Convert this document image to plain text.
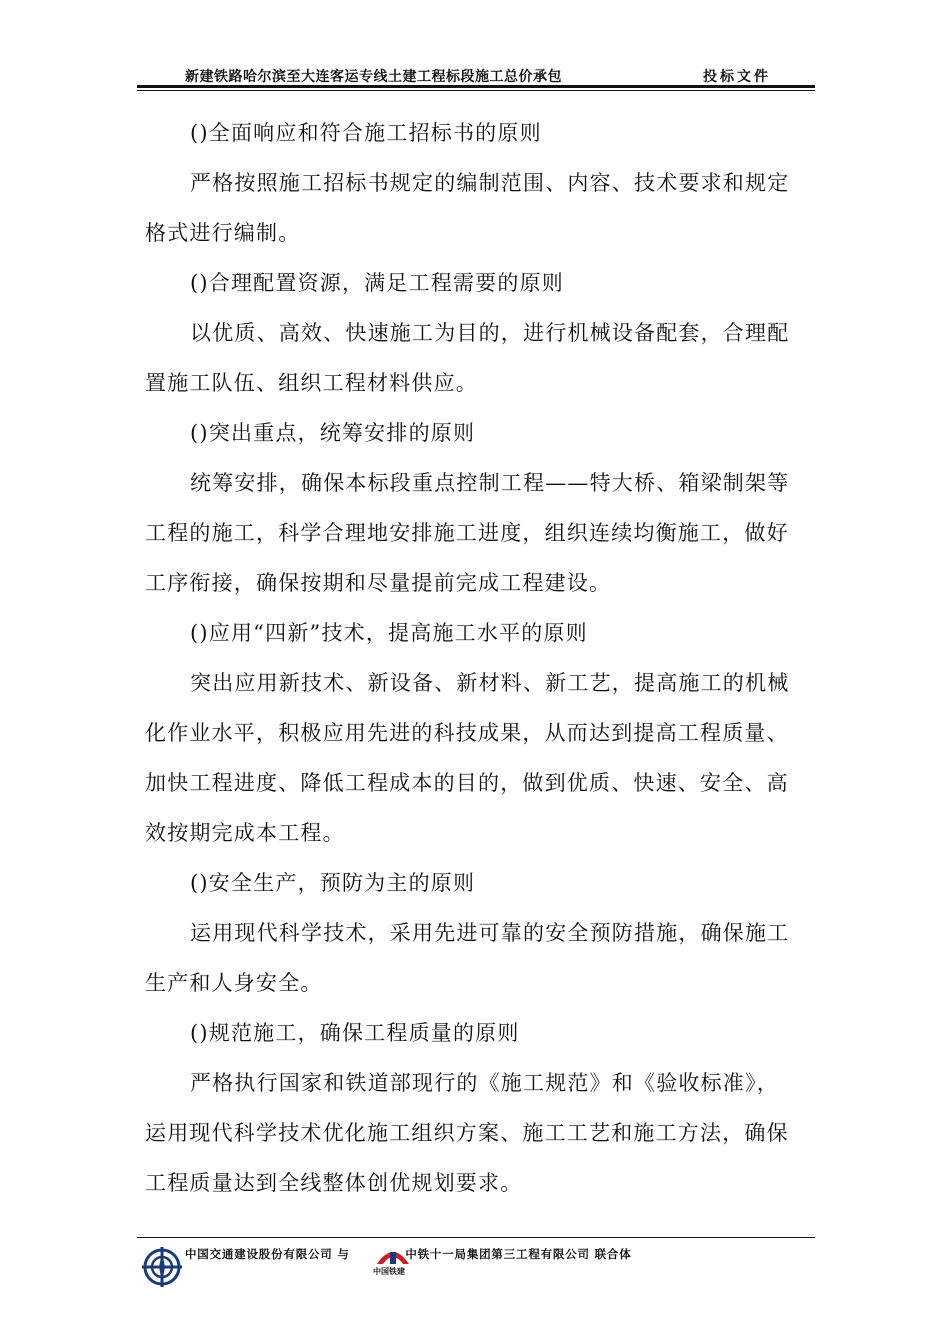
新建铁路哈尔滨至大连客运专线土建工程标段施工总价承包	投标文件
()全面响应和符合施工招标书的原则
严格按照施工招标书规定的编制范围、内容、技术要求和规定
格式进行编制。
()合理配置资源，满足工程需要的原则
以优质、高效、快速施工为目的，进行机械设备配套，合理配
置施工队伍、组织工程材料供应。
()突出重点，统筹安排的原则
统筹安排，确保本标段重点控制工程——特大桥、箱梁制架等
工程的施工，科学合理地安排施工进度，组织连续均衡施工，做好
工序衔接，确保按期和尽量提前完成工程建设。
()应用“四新”技术，提高施工水平的原则
突出应用新技术、新设备、新材料、新工艺，提高施工的机械
化作业水平，积极应用先进的科技成果，从而达到提高工程质量、
加快工程进度、降低工程成本的目的，做到优质、快速、安全、高
效按期完成本工程。
()安全生产，预防为主的原则
运用现代科学技术，采用先进可靠的安全预防措施，确保施工
生产和人身安全。
()规范施工，确保工程质量的原则
严格执行国家和铁道部现行的《施工规范》和《验收标准》，
运用现代科学技术优化施工组织方案、施工工艺和施工方法，确保
工程质量达到全线整体创优规划要求。
中国交通建设股份有限公司 与	中铁十一局集团第三工程有限公司 联合体
中国铁建
